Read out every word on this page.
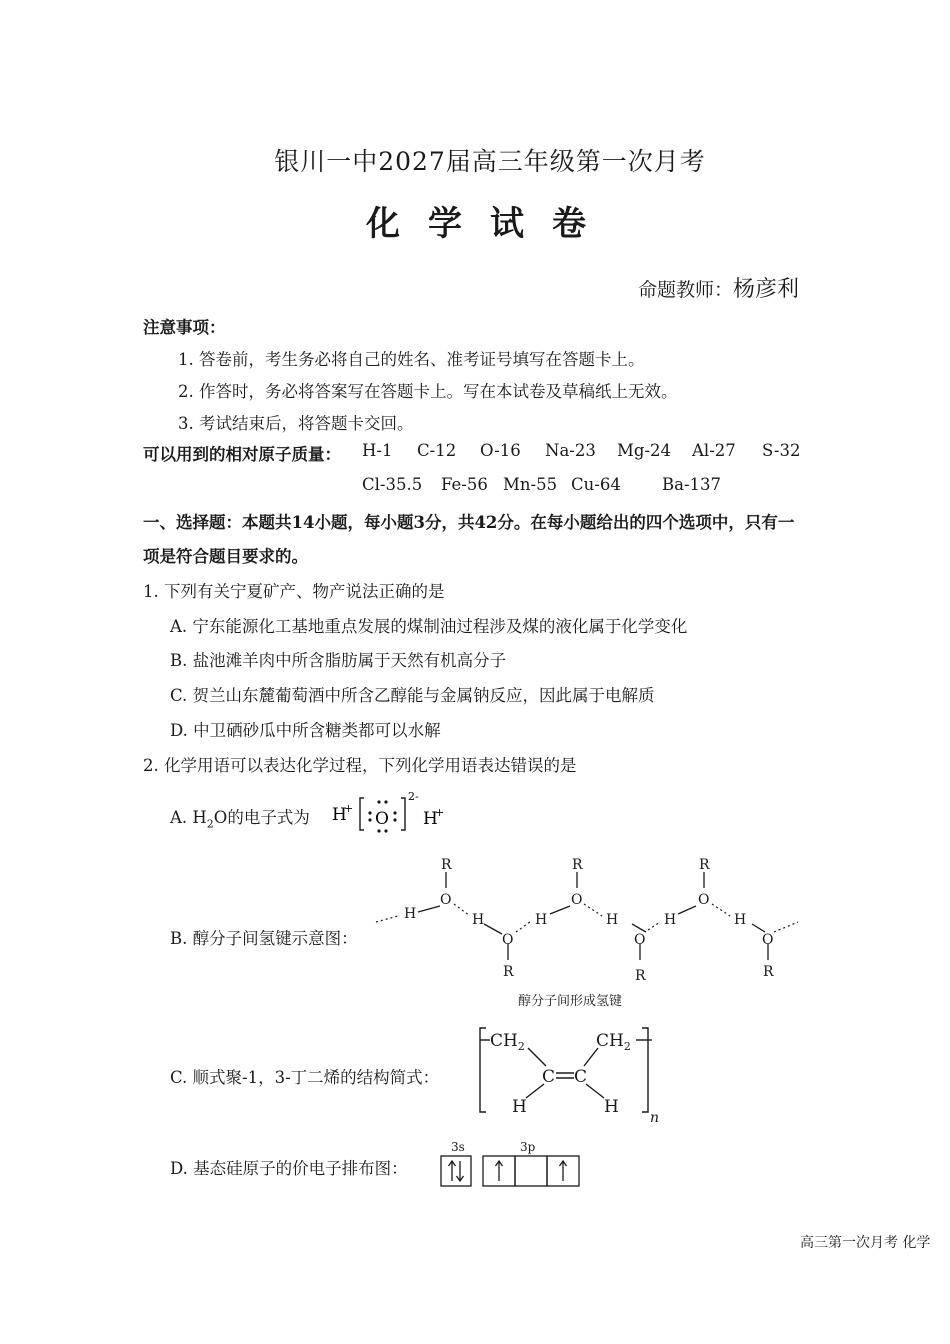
银川一中2027届高三年级第一次月考
化学试卷
命题教师：杨彦利
注意事项：
1. 答卷前，考生务必将自己的姓名、准考证号填写在答题卡上。
2. 作答时，务必将答案写在答题卡上。写在本试卷及草稿纸上无效。
3. 考试结束后，将答题卡交回。
可以用到的相对原子质量： H-1 C-12 O-16 Na-23 Mg-24 Al-27 S-32
Cl-35.5 Fe-56 Mn-55 Cu-64 Ba-137
一、选择题：本题共14小题，每小题3分，共42分。在每小题给出的四个选项中，只有一
项是符合题目要求的。
1. 下列有关宁夏矿产、物产说法正确的是
A. 宁东能源化工基地重点发展的煤制油过程涉及煤的液化属于化学变化
B. 盐池滩羊肉中所含脂肪属于天然有机高分子
C. 贺兰山东麓葡萄酒中所含乙醇能与金属钠反应，因此属于电解质
D. 中卫硒砂瓜中所含糖类都可以水解
2. 化学用语可以表达化学过程，下列化学用语表达错误的是
A. $H_2O$的电子式为 H
+
O
2-
H
+
B. 醇分子间氢键示意图：
R
O
H	H
O
R
H
R
O
H
O
R
H
R
O
H
O
R
醇分子间形成氢键
C. 顺式聚-1，3-丁二烯的结构简式：
$CH_2$	$CH_2$
C C
H	H
n
D. 基态硅原子的价电子排布图：
3s	3p
高三第一次月考 化学
